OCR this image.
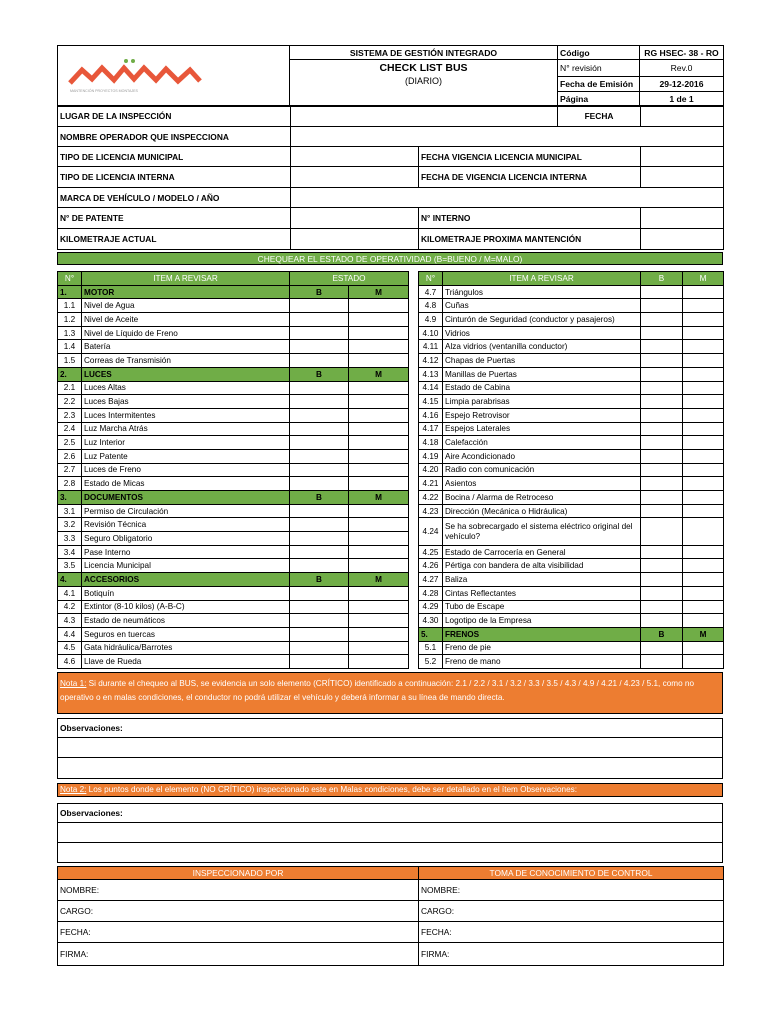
MANTENCIÓN PROYECTOS MONTAJES	SISTEMA DE GESTIÓN INTEGRADO	Código	RG HSEC- 38 - RO

	CHECK LIST BUS
(DIARIO)	N° revisión	Rev.0
		Fecha de Emisión	29-12-2016
		Página	1 de 1
LUGAR DE LA INSPECCIÓN			FECHA	
NOMBRE OPERADOR QUE INSPECCIONA				
TIPO DE LICENCIA MUNICIPAL		FECHA VIGENCIA LICENCIA MUNICIPAL		
TIPO DE LICENCIA INTERNA		FECHA DE VIGENCIA LICENCIA INTERNA		
MARCA DE VEHÍCULO / MODELO / AÑO				
N° DE PATENTE		N° INTERNO		
KILOMETRAJE ACTUAL		KILOMETRAJE PROXIMA MANTENCIÓN		
CHEQUEAR EL ESTADO DE OPERATIVIDAD (B=BUENO / M=MALO)
N°	ITEM A REVISAR	ESTADO	
1.	MOTOR	B	M
1.1	Nivel de Agua		
1.2	Nivel de Aceite		
1.3	Nivel de Líquido de Freno		
1.4	Batería		
1.5	Correas de Transmisión		
2.	LUCES	B	M
2.1	Luces Altas		
2.2	Luces Bajas		
2.3	Luces Intermitentes		
2.4	Luz Marcha Atrás		
2.5	Luz Interior		
2.6	Luz Patente		
2.7	Luces de Freno		
2.8	Estado de Micas		
3.	DOCUMENTOS	B	M
3.1	Permiso de Circulación		
3.2	Revisión Técnica		
3.3	Seguro Obligatorio		
3.4	Pase Interno		
3.5	Licencia Municipal		
4.	ACCESORIOS	B	M
4.1	Botiquín		
4.2	Extintor (8-10 kilos) (A-B-C)		
4.3	Estado de neumáticos		
4.4	Seguros en tuercas		
4.5	Gata hidráulica/Barrotes		
4.6	Llave de Rueda		
N°	ITEM A REVISAR	B	M
4.7	Triángulos		
4.8	Cuñas		
4.9	Cinturón de Seguridad (conductor y pasajeros)		
4.10	Vidrios		
4.11	Alza vidrios (ventanilla conductor)		
4.12	Chapas de Puertas		
4.13	Manillas de Puertas		
4.14	Estado de Cabina		
4.15	Limpia parabrisas		
4.16	Espejo Retrovisor		
4.17	Espejos Laterales		
4.18	Calefacción		
4.19	Aire Acondicionado		
4.20	Radio con comunicación		
4.21	Asientos		
4.22	Bocina / Alarma de Retroceso		
4.23	Dirección (Mecánica o Hidráulica)		
4.24	Se ha sobrecargado el sistema eléctrico original del vehículo?		
4.25	Estado de Carrocería en General		
4.26	Pértiga con bandera de alta visibilidad		
4.27	Baliza		
4.28	Cintas Reflectantes		
4.29	Tubo de Escape		
4.30	Logotipo de la Empresa		
5.	FRENOS	B	M
5.1	Freno de pie		
5.2	Freno de mano		
Nota 1: Si durante el chequeo al BUS, se evidencia un solo elemento (CRÍTICO) identificado a continuación: 2.1 / 2.2 / 3.1 / 3.2 / 3.3 / 3.5 / 4.3 / 4.9 / 4.21 / 4.23 / 5.1, como no operativo o en malas condiciones, el conductor no podrá utilizar el vehículo y deberá informar a su línea de mando directa.
Observaciones:

Nota 2: Los puntos donde el elemento (NO CRÍTICO) inspeccionado este en Malas condiciones, debe ser detallado en el ítem Observaciones:
Observaciones:

INSPECCIONADO POR	TOMA DE CONOCIMIENTO DE CONTROL
NOMBRE:	NOMBRE:
CARGO:	CARGO:
FECHA:	FECHA:
FIRMA:	FIRMA:
